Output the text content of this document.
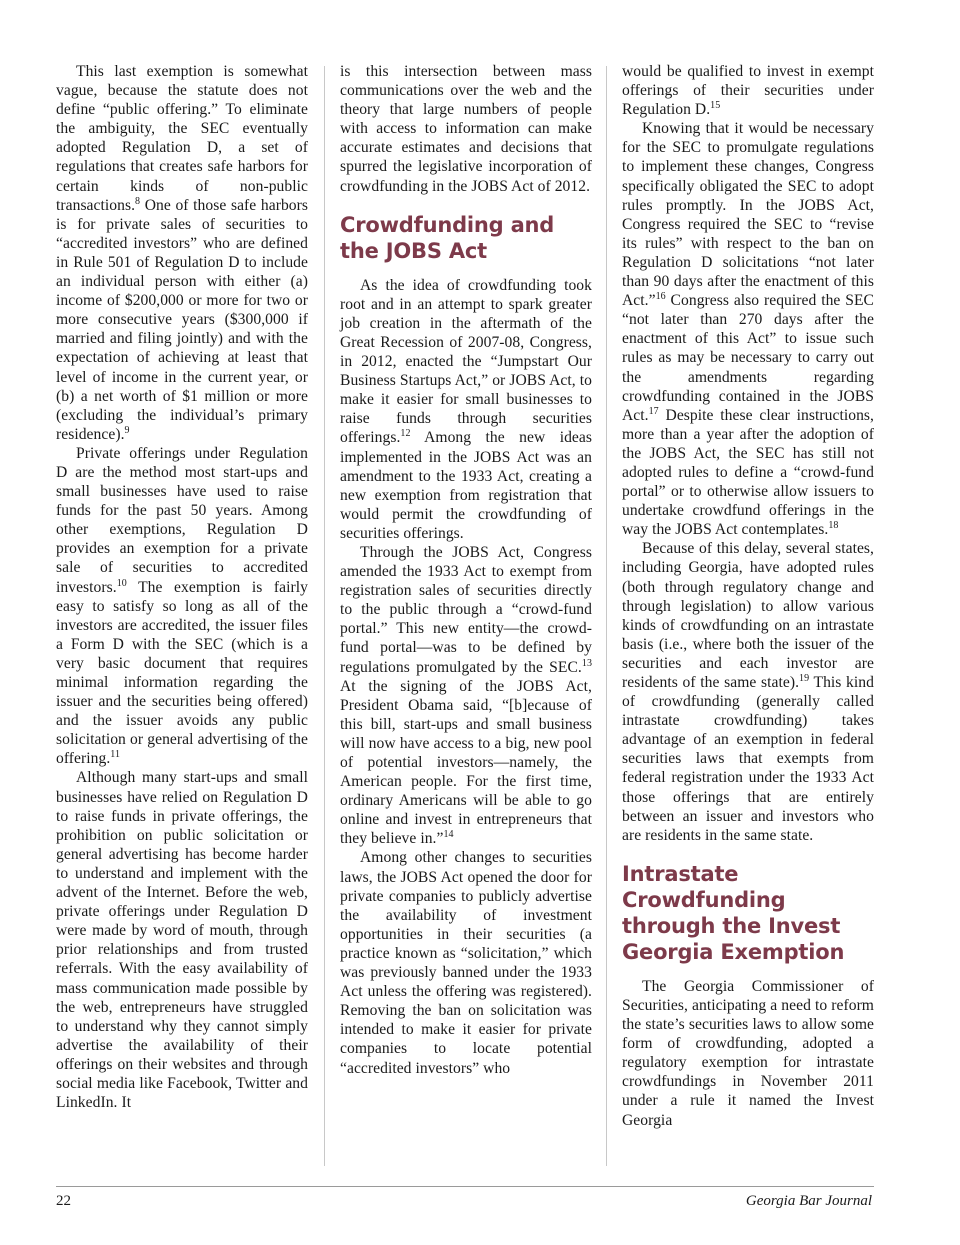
This last exemption is somewhat vague, because the statute does not define “public offering.” To eliminate the ambiguity, the SEC eventually adopted Regulation D, a set of regulations that creates safe harbors for certain kinds of non-public transactions.$^8$ One of those safe harbors is for private sales of securities to “accredited investors” who are defined in Rule 501 of Regulation D to include an individual person with either (a) income of $200,000 or more for two or more consecutive years ($300,000 if married and filing jointly) and with the expectation of achieving at least that level of income in the current year, or (b) a net worth of $1 million or more (excluding the individual’s primary residence).$^9$

Private offerings under Regulation D are the method most start-ups and small businesses have used to raise funds for the past 50 years. Among other exemptions, Regulation D provides an exemption for a private sale of securities to accredited investors.$^{10}$ The exemption is fairly easy to satisfy so long as all of the investors are accredited, the issuer files a Form D with the SEC (which is a very basic document that requires minimal information regarding the issuer and the securities being offered) and the issuer avoids any public solicitation or general advertising of the offering.$^{11}$

Although many start-ups and small businesses have relied on Regulation D to raise funds in private offerings, the prohibition on public solicitation or general advertising has become harder to understand and implement with the advent of the Internet. Before the web, private offerings under Regulation D were made by word of mouth, through prior relationships and from trusted referrals. With the easy availability of mass communication made possible by the web, entrepreneurs have struggled to understand why they cannot simply advertise the availability of their offerings on their websites and through social media like Facebook, Twitter and LinkedIn. It

is this intersection between mass communications over the web and the theory that large numbers of people with access to information can make accurate estimates and decisions that spurred the legislative incorporation of crowdfunding in the JOBS Act of 2012.

Crowdfunding and the JOBS Act

As the idea of crowdfunding took root and in an attempt to spark greater job creation in the aftermath of the Great Recession of 2007-08, Congress, in 2012, enacted the “Jumpstart Our Business Startups Act,” or JOBS Act, to make it easier for small businesses to raise funds through securities offerings.$^{12}$ Among the new ideas implemented in the JOBS Act was an amendment to the 1933 Act, creating a new exemption from registration that would permit the crowdfunding of securities offerings.

Through the JOBS Act, Congress amended the 1933 Act to exempt from registration sales of securities directly to the public through a “crowd-fund portal.” This new entity—the crowd-fund portal—was to be defined by regulations promulgated by the SEC.$^{13}$ At the signing of the JOBS Act, President Obama said, “[b]ecause of this bill, start-ups and small business will now have access to a big, new pool of potential investors—namely, the American people. For the first time, ordinary Americans will be able to go online and invest in entrepreneurs that they believe in.”$^{14}$

Among other changes to securities laws, the JOBS Act opened the door for private companies to publicly advertise the availability of investment opportunities in their securities (a practice known as “solicitation,” which was previously banned under the 1933 Act unless the offering was registered). Removing the ban on solicitation was intended to make it easier for private companies to locate potential “accredited investors” who

would be qualified to invest in exempt offerings of their securities under Regulation D.$^{15}$

Knowing that it would be necessary for the SEC to promulgate regulations to implement these changes, Congress specifically obligated the SEC to adopt rules promptly. In the JOBS Act, Congress required the SEC to “revise its rules” with respect to the ban on Regulation D solicitations “not later than 90 days after the enactment of this Act.”$^{16}$ Congress also required the SEC “not later than 270 days after the enactment of this Act” to issue such rules as may be necessary to carry out the amendments regarding crowdfunding contained in the JOBS Act.$^{17}$ Despite these clear instructions, more than a year after the adoption of the JOBS Act, the SEC has still not adopted rules to define a “crowd-fund portal” or to otherwise allow issuers to undertake crowdfund offerings in the way the JOBS Act contemplates.$^{18}$

Because of this delay, several states, including Georgia, have adopted rules (both through regulatory change and through legislation) to allow various kinds of crowdfunding on an intrastate basis (i.e., where both the issuer of the securities and each investor are residents of the same state).$^{19}$ This kind of crowdfunding (generally called intrastate crowdfunding) takes advantage of an exemption in federal securities laws that exempts from federal registration under the 1933 Act those offerings that are entirely between an issuer and investors who are residents in the same state.

Intrastate Crowdfunding through the Invest Georgia Exemption

The Georgia Commissioner of Securities, anticipating a need to reform the state’s securities laws to allow some form of crowdfunding, adopted a regulatory exemption for intrastate crowdfundings in November 2011 under a rule it named the Invest Georgia

22	Georgia Bar Journal
